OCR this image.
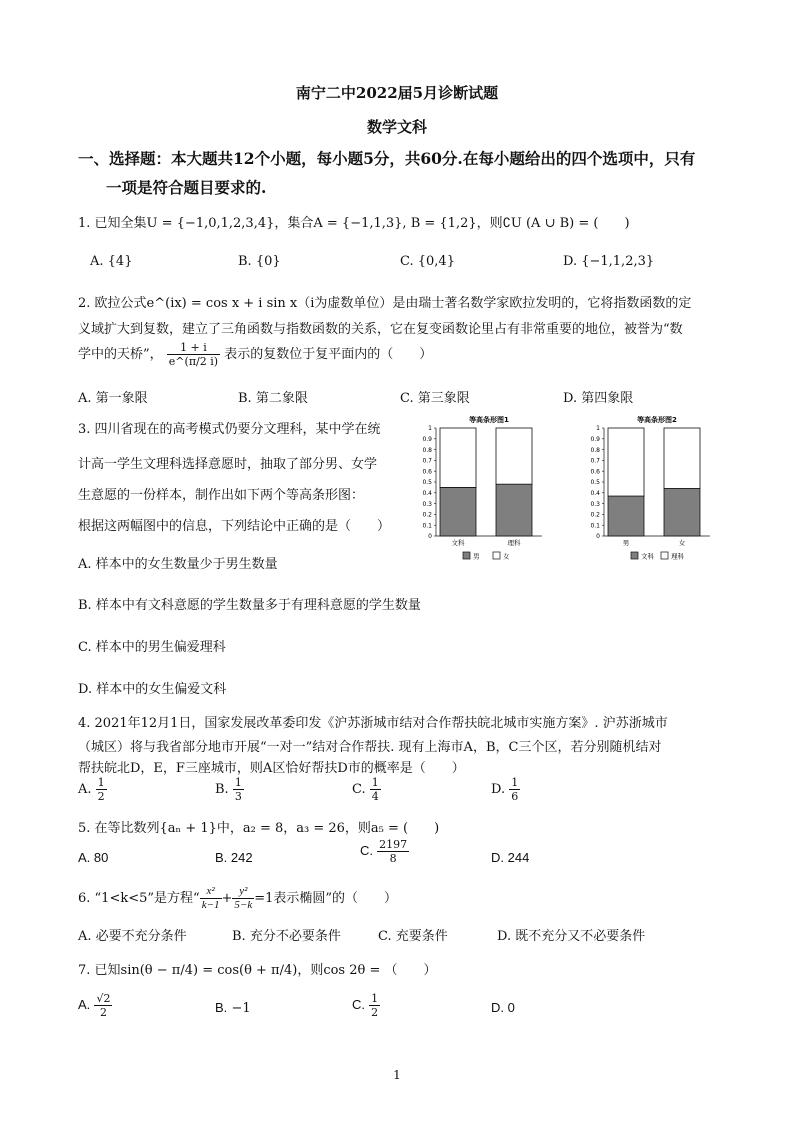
南宁二中2022届5月诊断试题
数学文科
一、选择题：本大题共12个小题，每小题5分，共60分.在每小题给出的四个选项中，只有
一项是符合题目要求的.
1. 已知全集U = {−1,0,1,2,3,4}，集合A = {−1,1,3}, B = {1,2}，则∁U (A ∪ B) = (　　)
A. {4}	B. {0}	C. {0,4}	D. {−1,1,2,3}
2. 欧拉公式e^(ix) = cos x + i sin x（i为虚数单位）是由瑞士著名数学家欧拉发明的，它将指数函数的定
义域扩大到复数，建立了三角函数与指数函数的关系，它在复变函数论里占有非常重要的地位，被誉为“数
学中的天桥”， $\frac{1 + i}{e\^{}(\pi/2 i)}$ 表示的复数位于复平面内的（　　）
A. 第一象限	B. 第二象限	C. 第三象限	D. 第四象限
3. 四川省现在的高考模式仍要分文理科，某中学在统
计高一学生文理科选择意愿时，抽取了部分男、女学
生意愿的一份样本，制作出如下两个等高条形图：
根据这两幅图中的信息，下列结论中正确的是（　　）
等高条形图1
0
0.1
0.2
0.3
0.4
0.5
0.6
0.7
0.8
0.9
1
文科	理科
男	女
等高条形图2
0
0.1
0.2
0.3
0.4
0.5
0.6
0.7
0.8
0.9
1
男	女
文科	理科
A. 样本中的女生数量少于男生数量
B. 样本中有文科意愿的学生数量多于有理科意愿的学生数量
C. 样本中的男生偏爱理科
D. 样本中的女生偏爱文科
4. 2021年12月1日，国家发展改革委印发《沪苏浙城市结对合作帮扶皖北城市实施方案》. 沪苏浙城市
（城区）将与我省部分地市开展“一对一”结对合作帮扶. 现有上海市A，B，C三个区，若分别随机结对
帮扶皖北D，E，F三座城市，则A区恰好帮扶D市的概率是（　　）
A. $\frac{1}{2}$	B. $\frac{1}{3}$	C. $\frac{1}{4}$	D. $\frac{1}{6}$
5. 在等比数列{aₙ + 1}中，a₂ = 8，a₃ = 26，则a₅ = (　　)
A. 80	B. 242	C. $\frac{2197}{8}$	D. 244
6. “1<k<5”是方程“ $\frac{\text{x²}}{k-1} + \frac{\text{y²}}{5-k} =1$表示椭圆”的（　　）
A. 必要不充分条件	B. 充分不必要条件	C. 充要条件	D. 既不充分又不必要条件
7. 已知sin(θ − π/4) = cos(θ + π/4)，则cos 2θ = （　　）
A. $\frac{√2}{2}$	B. −1	C. $\frac{1}{2}$	D. 0
1
